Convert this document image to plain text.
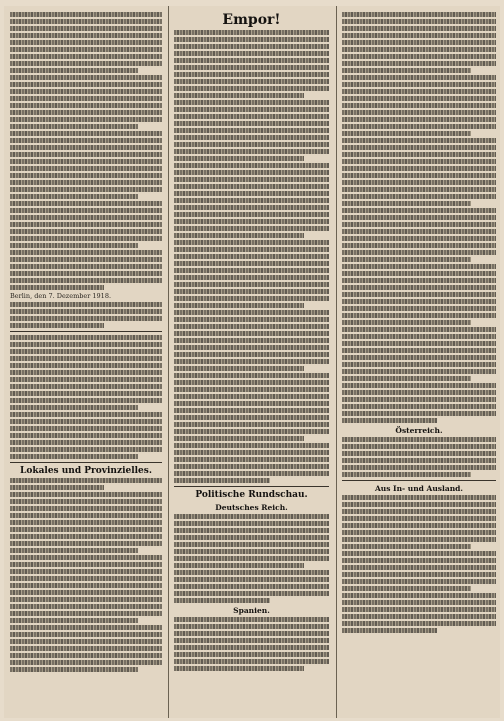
Berlin, den 7. Dezember 1918.
Lokales und Provinzielles.
Empor!
Politische Rundschau.
Deutsches Reich.
Spanien.
Österreich.
Aus In- und Ausland.
